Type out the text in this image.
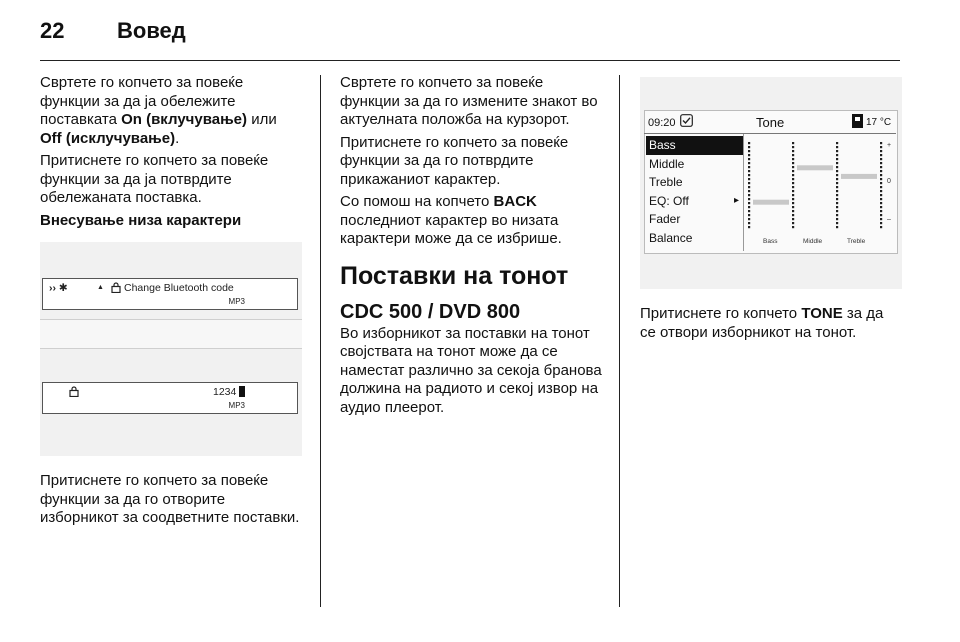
22 Вовед

Свртете го копчето за повеќе функции за да ја обележите поставката On (вклучување) или Off (исклучување).

Притиснете го копчето за повеќе функции за да ја потврдите обележаната поставка.

Внесување низа карактери

›› ✱	▲ Change Bluetooth code
MP3
1234
MP3

Притиснете го копчето за повеќе функции за да го отворите изборникот за соодветните поставки.

Свртете го копчето за повеќе функции за да го измените знакот во актуелната положба на курзорот.

Притиснете го копчето за повеќе функции за да го потврдите прикажаниот карактер.

Со помош на копчето BACK последниот карактер во низата карактери може да се избрише.

Поставки на тонот
CDC 500 / DVD 800

Во изборникот за поставки на тонот својствата на тонот може да се наместат различно за секоја бранова должина на радиото и секој извор на аудио плеерот.

09:20	Tone	17 °C
Bass
Middle
Treble
EQ: Off	▸
Fader
Balance	Bass	Middle	Treble
+
0
–

Притиснете го копчето TONE за да се отвори изборникот на тонот.
